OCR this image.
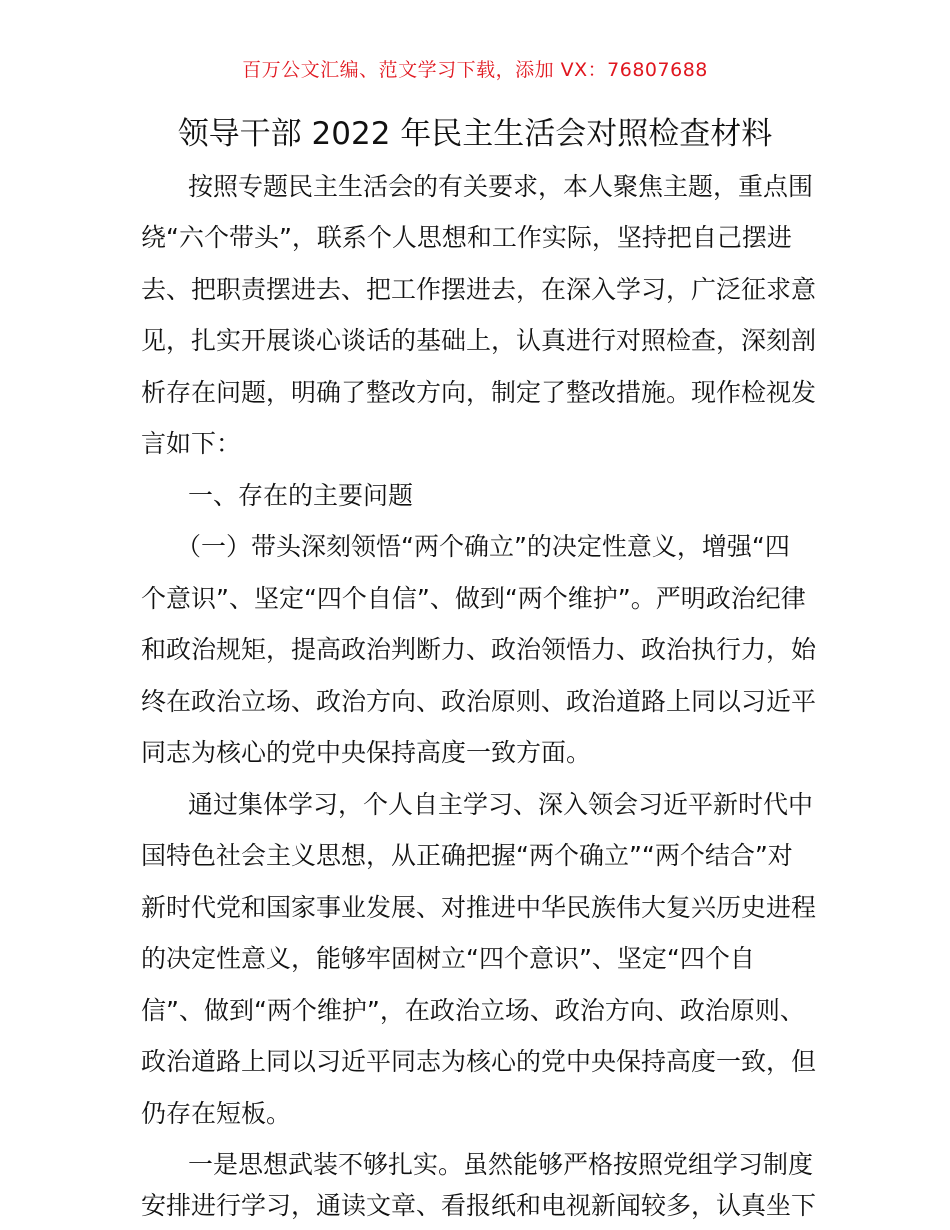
百万公文汇编、范文学习下载，添加 VX：76807688
领导干部 2022 年民主生活会对照检查材料
按照专题民主生活会的有关要求，本人聚焦主题，重点围
绕“六个带头”，联系个人思想和工作实际，坚持把自己摆进
去、把职责摆进去、把工作摆进去，在深入学习，广泛征求意
见，扎实开展谈心谈话的基础上，认真进行对照检查，深刻剖
析存在问题，明确了整改方向，制定了整改措施。现作检视发
言如下：
一、存在的主要问题
（一）带头深刻领悟“两个确立”的决定性意义，增强“四
个意识”、坚定“四个自信”、做到“两个维护”。严明政治纪律
和政治规矩，提高政治判断力、政治领悟力、政治执行力，始
终在政治立场、政治方向、政治原则、政治道路上同以习近平
同志为核心的党中央保持高度一致方面。
通过集体学习，个人自主学习、深入领会习近平新时代中
国特色社会主义思想，从正确把握“两个确立”“两个结合”对
新时代党和国家事业发展、对推进中华民族伟大复兴历史进程
的决定性意义，能够牢固树立“四个意识”、坚定“四个自
信”、做到“两个维护”，在政治立场、政治方向、政治原则、
政治道路上同以习近平同志为核心的党中央保持高度一致，但
仍存在短板。
一是思想武装不够扎实。虽然能够严格按照党组学习制度
安排进行学习，通读文章、看报纸和电视新闻较多，认真坐下
